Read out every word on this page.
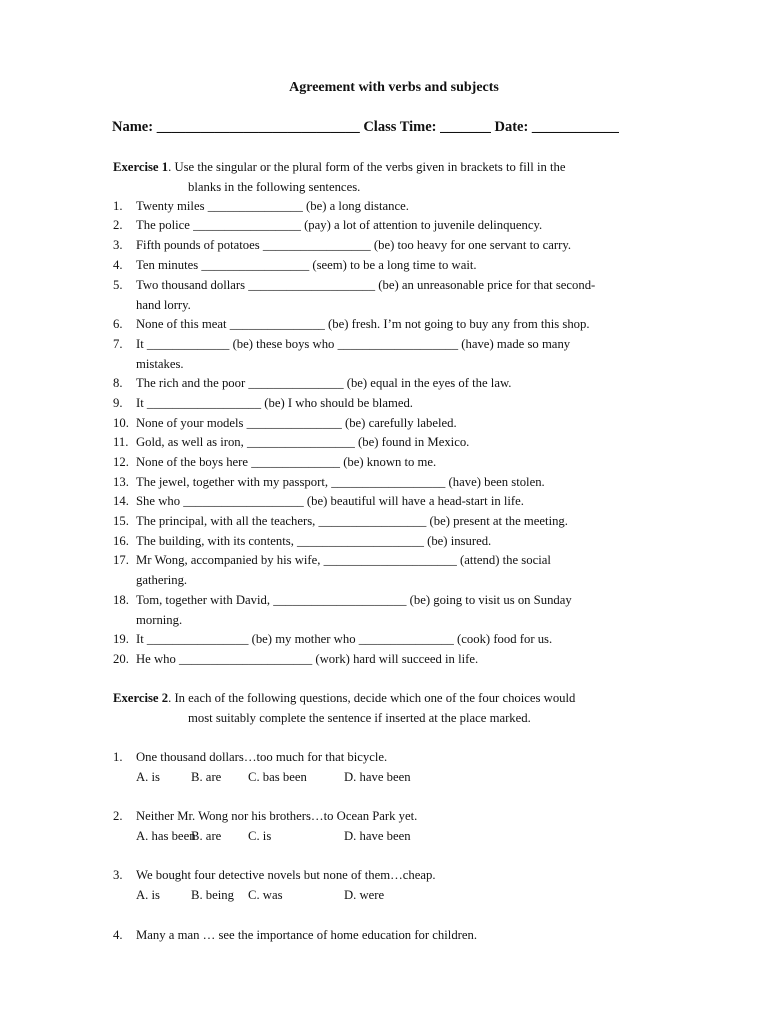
Agreement with verbs and subjects
Name: ____________________________ Class Time: _______ Date: ____________
Exercise 1. Use the singular or the plural form of the verbs given in brackets to fill in the
blanks in the following sentences.
1. Twenty miles _______________ (be) a long distance.
2. The police _________________ (pay) a lot of attention to juvenile delinquency.
3. Fifth pounds of potatoes _________________ (be) too heavy for one servant to carry.
4. Ten minutes _________________ (seem) to be a long time to wait.
5. Two thousand dollars ____________________ (be) an unreasonable price for that second-
hand lorry.
6. None of this meat _______________ (be) fresh. I’m not going to buy any from this shop.
7. It _____________ (be) these boys who ___________________ (have) made so many
mistakes.
8. The rich and the poor _______________ (be) equal in the eyes of the law.
9. It __________________ (be) I who should be blamed.
10. None of your models _______________ (be) carefully labeled.
11. Gold, as well as iron, _________________ (be) found in Mexico.
12. None of the boys here ______________ (be) known to me.
13. The jewel, together with my passport, __________________ (have) been stolen.
14. She who ___________________ (be) beautiful will have a head-start in life.
15. The principal, with all the teachers, _________________ (be) present at the meeting.
16. The building, with its contents, ____________________ (be) insured.
17. Mr Wong, accompanied by his wife, _____________________ (attend) the social
gathering.
18. Tom, together with David, _____________________ (be) going to visit us on Sunday
morning.
19. It ________________ (be) my mother who _______________ (cook) food for us.
20. He who _____________________ (work) hard will succeed in life.
Exercise 2. In each of the following questions, decide which one of the four choices would
most suitably complete the sentence if inserted at the place marked.
1. One thousand dollars…too much for that bicycle.
A. is B. are C. bas been	D. have been
2. Neither Mr. Wong nor his brothers…to Ocean Park yet.
A. has been
B. are C. is	D. have been
3. We bought four detective novels but none of them…cheap.
A. is B. being C. was	D. were
4. Many a man … see the importance of home education for children.
